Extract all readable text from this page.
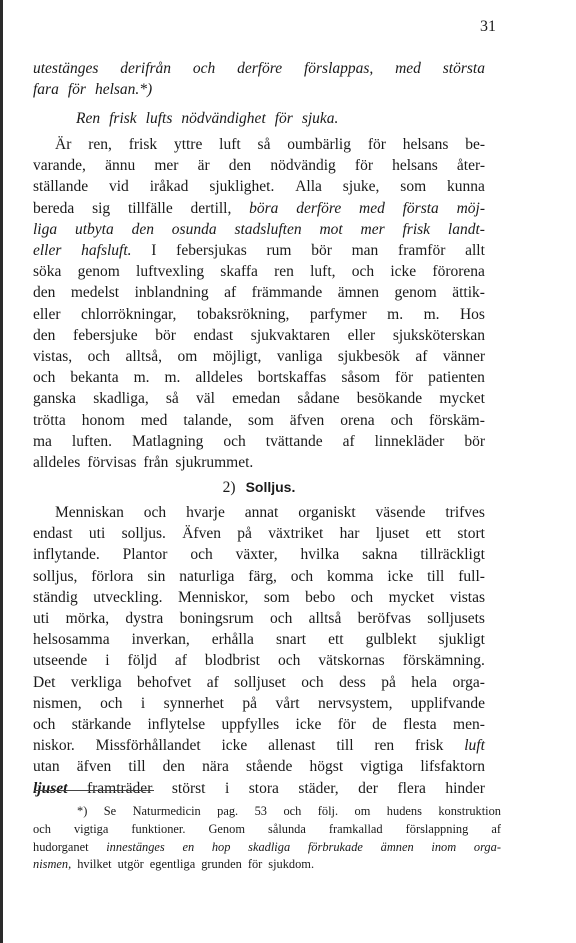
31
utestänges derifrån och derföre förslappas, med största
fara för helsan.*)
Ren frisk lufts nödvändighet för sjuka.
Är ren, frisk yttre luft så oumbärlig för helsans be-
varande, ännu mer är den nödvändig för helsans åter-
ställande vid iråkad sjuklighet. Alla sjuke, som kunna
bereda sig tillfälle dertill, böra derföre med första möj-
liga utbyta den osunda stadsluften mot mer frisk landt-
eller hafsluft. I febersjukas rum bör man framför allt
söka genom luftvexling skaffa ren luft, och icke förorena
den medelst inblandning af främmande ämnen genom ättik-
eller chlorrökningar, tobaksrökning, parfymer m. m. Hos
den febersjuke bör endast sjukvaktaren eller sjuksköterskan
vistas, och alltså, om möjligt, vanliga sjukbesök af vänner
och bekanta m. m. alldeles bortskaffas såsom för patienten
ganska skadliga, så väl emedan sådane besökande mycket
trötta honom med talande, som äfven orena och förskäm-
ma luften. Matlagning och tvättande af linnekläder bör
alldeles förvisas från sjukrummet.
2) Solljus.
Menniskan och hvarje annat organiskt väsende trifves
endast uti solljus. Äfven på växtriket har ljuset ett stort
inflytande. Plantor och växter, hvilka sakna tillräckligt
solljus, förlora sin naturliga färg, och komma icke till full-
ständig utveckling. Menniskor, som bebo och mycket vistas
uti mörka, dystra boningsrum och alltså beröfvas solljusets
helsosamma inverkan, erhålla snart ett gulblekt sjukligt
utseende i följd af blodbrist och vätskornas förskämning.
Det verkliga behofvet af solljuset och dess på hela orga-
nismen, och i synnerhet på vårt nervsystem, upplifvande
och stärkande inflytelse uppfylles icke för de flesta men-
niskor. Missförhållandet icke allenast till ren frisk luft
utan äfven till den nära stående högst vigtiga lifsfaktorn
ljuset framträder störst i stora städer, der flera hinder
*) Se Naturmedicin pag. 53 och följ. om hudens konstruktion
och vigtiga funktioner. Genom sålunda framkallad förslappning af
hudorganet innestänges en hop skadliga förbrukade ämnen inom orga-
nismen, hvilket utgör egentliga grunden för sjukdom.
